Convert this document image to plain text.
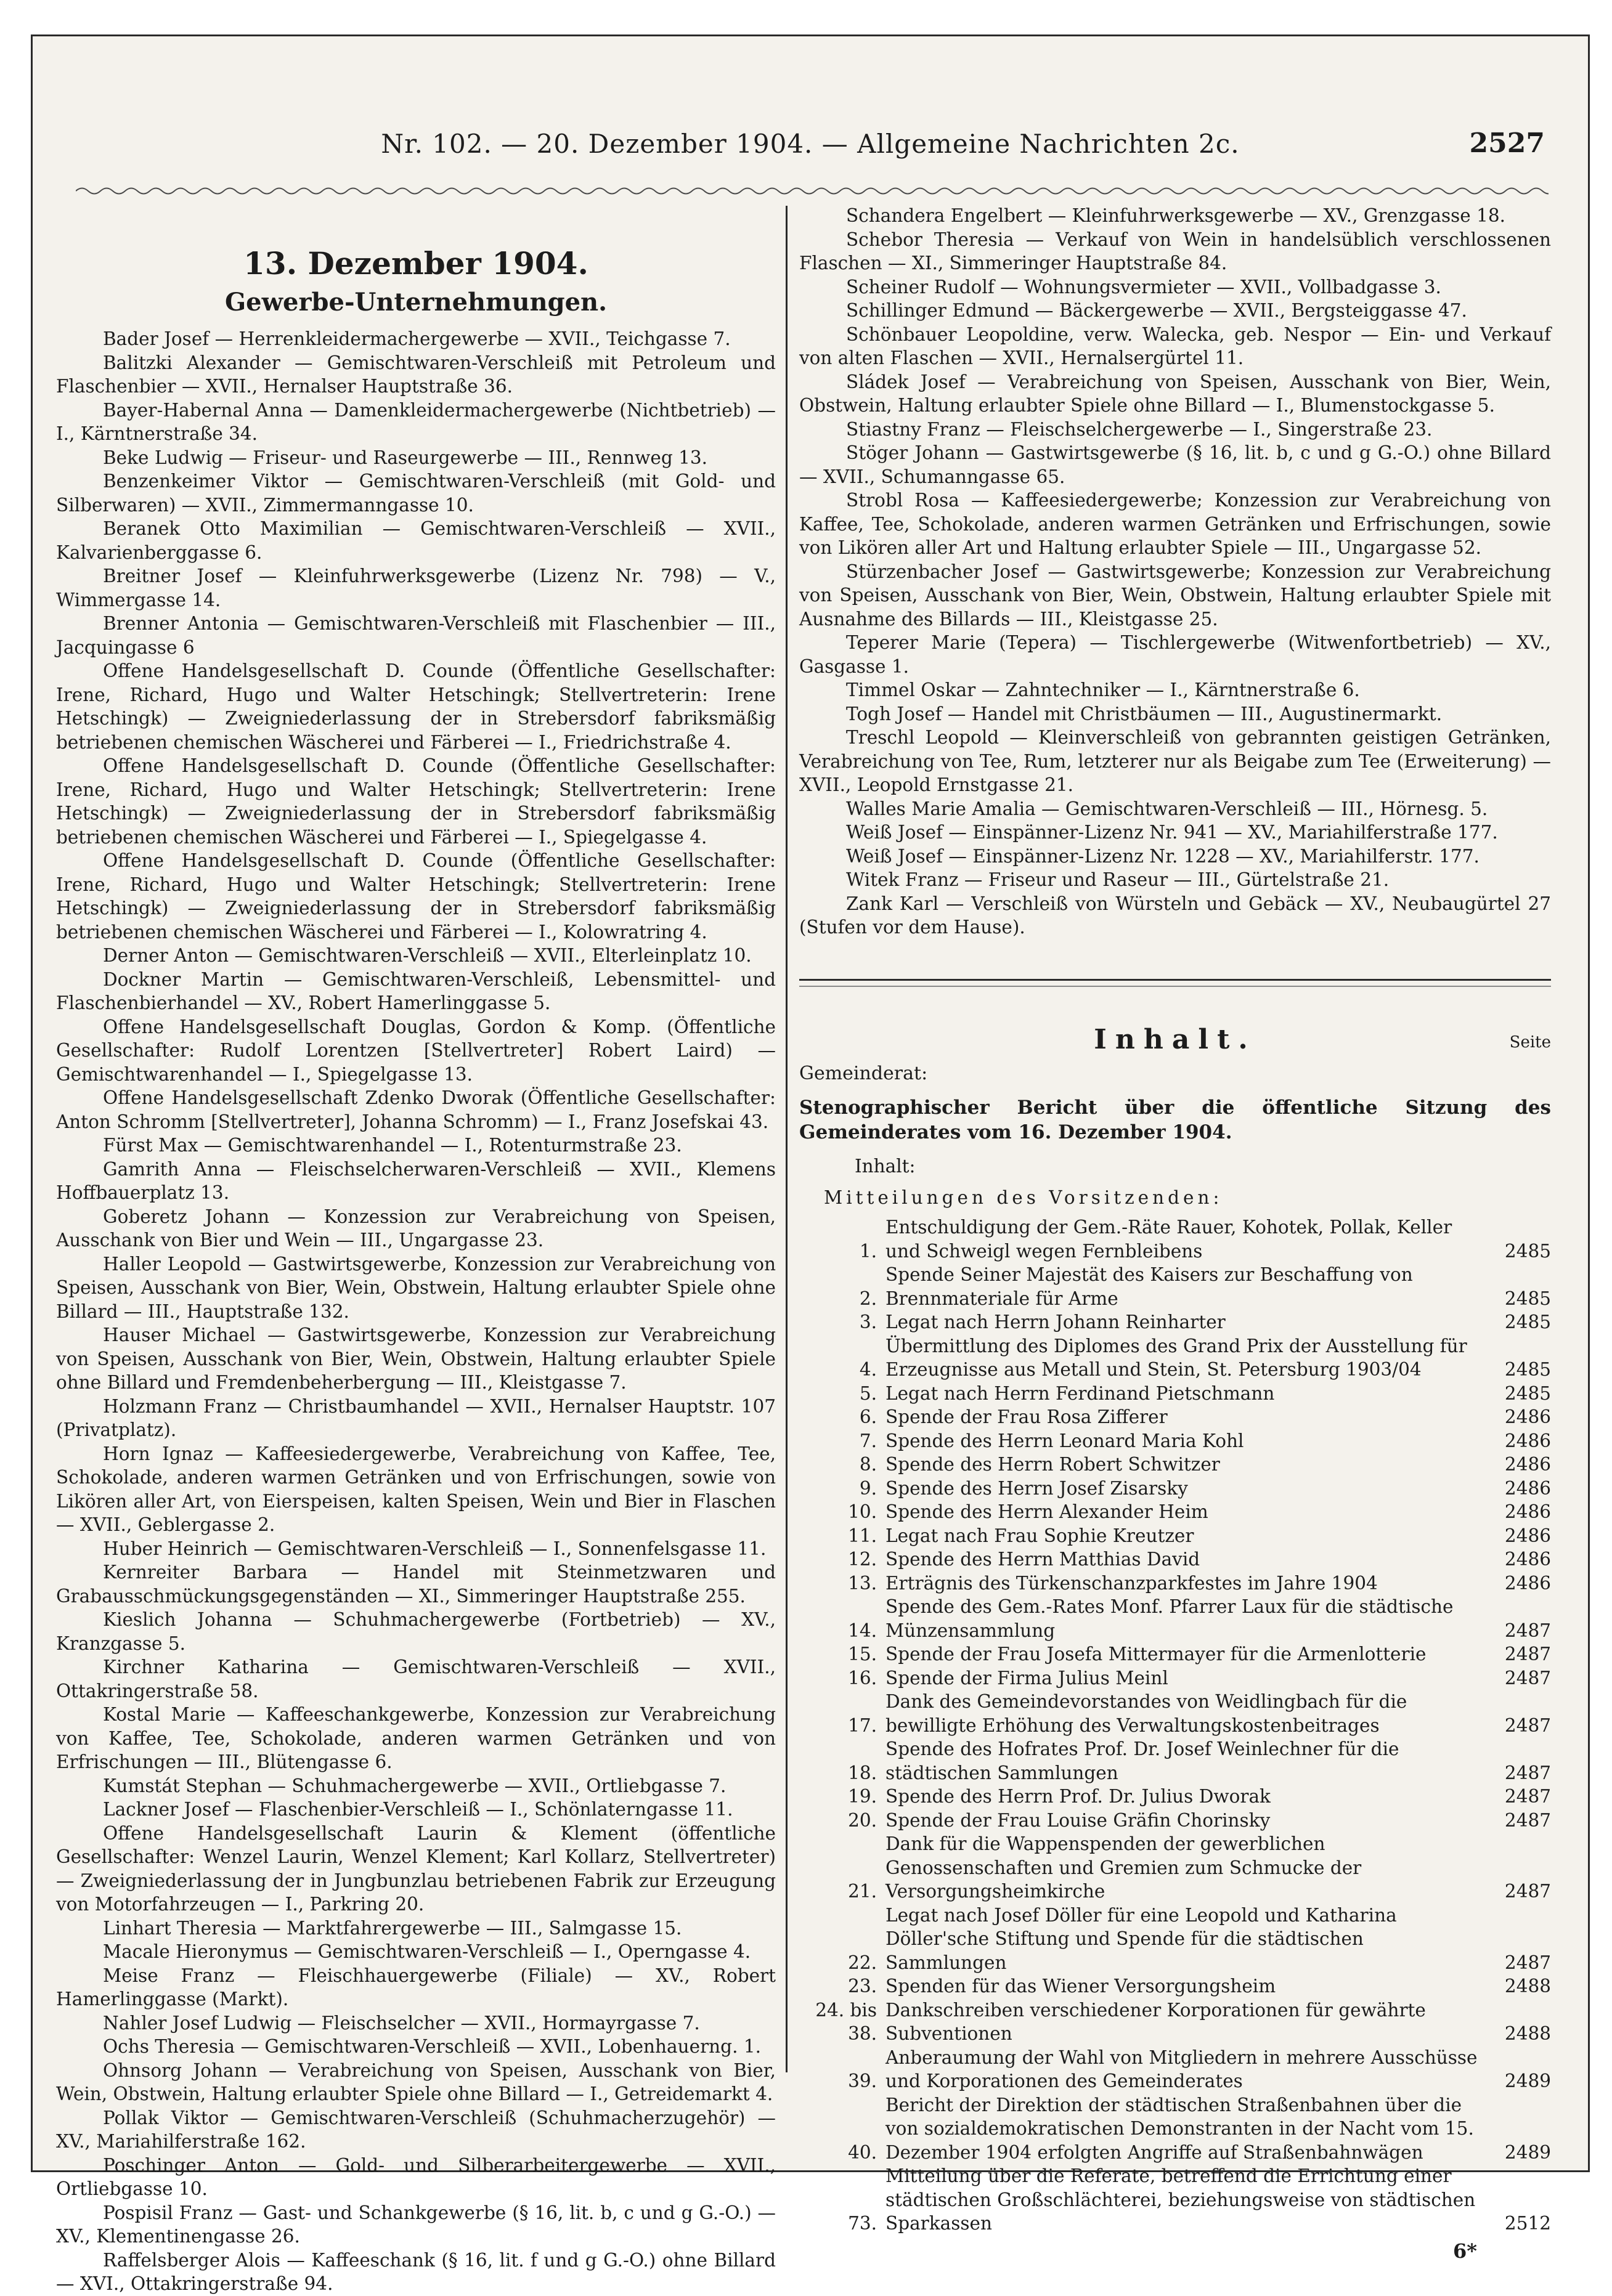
Nr. 102. — 20. Dezember 1904. — Allgemeine Nachrichten 2c.	2527
13. Dezember 1904.
Gewerbe-Unternehmungen.

Bader Josef — Herrenkleidermachergewerbe — XVII., Teichgasse 7.

Balitzki Alexander — Gemischtwaren-Verschleiß mit Petroleum und Flaschenbier — XVII., Hernalser Hauptstraße 36.

Bayer-Habernal Anna — Damenkleidermachergewerbe (Nichtbetrieb) — I., Kärntnerstraße 34.

Beke Ludwig — Friseur- und Raseurgewerbe — III., Rennweg 13.

Benzenkeimer Viktor — Gemischtwaren-Verschleiß (mit Gold- und Silberwaren) — XVII., Zimmermanngasse 10.

Beranek Otto Maximilian — Gemischtwaren-Verschleiß — XVII., Kalvarienberggasse 6.

Breitner Josef — Kleinfuhrwerksgewerbe (Lizenz Nr. 798) — V., Wimmergasse 14.

Brenner Antonia — Gemischtwaren-Verschleiß mit Flaschenbier — III., Jacquingasse 6

Offene Handelsgesellschaft D. Counde (Öffentliche Gesellschafter: Irene, Richard, Hugo und Walter Hetschingk; Stellvertreterin: Irene Hetschingk) — Zweigniederlassung der in Strebersdorf fabriksmäßig betriebenen chemischen Wäscherei und Färberei — I., Friedrichstraße 4.

Offene Handelsgesellschaft D. Counde (Öffentliche Gesellschafter: Irene, Richard, Hugo und Walter Hetschingk; Stellvertreterin: Irene Hetschingk) — Zweigniederlassung der in Strebersdorf fabriksmäßig betriebenen chemischen Wäscherei und Färberei — I., Spiegelgasse 4.

Offene Handelsgesellschaft D. Counde (Öffentliche Gesellschafter: Irene, Richard, Hugo und Walter Hetschingk; Stellvertreterin: Irene Hetschingk) — Zweigniederlassung der in Strebersdorf fabriksmäßig betriebenen chemischen Wäscherei und Färberei — I., Kolowratring 4.

Derner Anton — Gemischtwaren-Verschleiß — XVII., Elterleinplatz 10.

Dockner Martin — Gemischtwaren-Verschleiß, Lebensmittel- und Flaschenbierhandel — XV., Robert Hamerlinggasse 5.

Offene Handelsgesellschaft Douglas, Gordon & Komp. (Öffentliche Gesellschafter: Rudolf Lorentzen [Stellvertreter] Robert Laird) — Gemischtwarenhandel — I., Spiegelgasse 13.

Offene Handelsgesellschaft Zdenko Dworak (Öffentliche Gesellschafter: Anton Schromm [Stellvertreter], Johanna Schromm) — I., Franz Josefskai 43.

Fürst Max — Gemischtwarenhandel — I., Rotenturmstraße 23.

Gamrith Anna — Fleischselcherwaren-Verschleiß — XVII., Klemens Hoffbauerplatz 13.

Goberetz Johann — Konzession zur Verabreichung von Speisen, Ausschank von Bier und Wein — III., Ungargasse 23.

Haller Leopold — Gastwirtsgewerbe, Konzession zur Verabreichung von Speisen, Ausschank von Bier, Wein, Obstwein, Haltung erlaubter Spiele ohne Billard — III., Hauptstraße 132.

Hauser Michael — Gastwirtsgewerbe, Konzession zur Verabreichung von Speisen, Ausschank von Bier, Wein, Obstwein, Haltung erlaubter Spiele ohne Billard und Fremdenbeherbergung — III., Kleistgasse 7.

Holzmann Franz — Christbaumhandel — XVII., Hernalser Hauptstr. 107 (Privatplatz).

Horn Ignaz — Kaffeesiedergewerbe, Verabreichung von Kaffee, Tee, Schokolade, anderen warmen Getränken und von Erfrischungen, sowie von Likören aller Art, von Eierspeisen, kalten Speisen, Wein und Bier in Flaschen — XVII., Geblergasse 2.

Huber Heinrich — Gemischtwaren-Verschleiß — I., Sonnenfelsgasse 11.

Kernreiter Barbara — Handel mit Steinmetzwaren und Grabausschmückungsgegenständen — XI., Simmeringer Hauptstraße 255.

Kieslich Johanna — Schuhmachergewerbe (Fortbetrieb) — XV., Kranzgasse 5.

Kirchner Katharina — Gemischtwaren-Verschleiß — XVII., Ottakringerstraße 58.

Kostal Marie — Kaffeeschankgewerbe, Konzession zur Verabreichung von Kaffee, Tee, Schokolade, anderen warmen Getränken und von Erfrischungen — III., Blütengasse 6.

Kumstát Stephan — Schuhmachergewerbe — XVII., Ortliebgasse 7.

Lackner Josef — Flaschenbier-Verschleiß — I., Schönlaterngasse 11.

Offene Handelsgesellschaft Laurin & Klement (öffentliche Gesellschafter: Wenzel Laurin, Wenzel Klement; Karl Kollarz, Stellvertreter) — Zweigniederlassung der in Jungbunzlau betriebenen Fabrik zur Erzeugung von Motorfahrzeugen — I., Parkring 20.

Linhart Theresia — Marktfahrergewerbe — III., Salmgasse 15.

Macale Hieronymus — Gemischtwaren-Verschleiß — I., Operngasse 4.

Meise Franz — Fleischhauergewerbe (Filiale) — XV., Robert Hamerlinggasse (Markt).

Nahler Josef Ludwig — Fleischselcher — XVII., Hormayrgasse 7.

Ochs Theresia — Gemischtwaren-Verschleiß — XVII., Lobenhauerng. 1.

Ohnsorg Johann — Verabreichung von Speisen, Ausschank von Bier, Wein, Obstwein, Haltung erlaubter Spiele ohne Billard — I., Getreidemarkt 4.

Pollak Viktor — Gemischtwaren-Verschleiß (Schuhmacherzugehör) — XV., Mariahilferstraße 162.

Poschinger Anton — Gold- und Silberarbeitergewerbe — XVII., Ortliebgasse 10.

Pospisil Franz — Gast- und Schankgewerbe (§ 16, lit. b, c und g G.-O.) — XV., Klementinengasse 26.

Raffelsberger Alois — Kaffeeschank (§ 16, lit. f und g G.-O.) ohne Billard — XVI., Ottakringerstraße 94.

Schandera Engelbert — Kleinfuhrwerksgewerbe — XV., Grenzgasse 18.

Schebor Theresia — Verkauf von Wein in handelsüblich verschlossenen Flaschen — XI., Simmeringer Hauptstraße 84.

Scheiner Rudolf — Wohnungsvermieter — XVII., Vollbadgasse 3.

Schillinger Edmund — Bäckergewerbe — XVII., Bergsteiggasse 47.

Schönbauer Leopoldine, verw. Walecka, geb. Nespor — Ein- und Verkauf von alten Flaschen — XVII., Hernalsergürtel 11.

Sládek Josef — Verabreichung von Speisen, Ausschank von Bier, Wein, Obstwein, Haltung erlaubter Spiele ohne Billard — I., Blumenstockgasse 5.

Stiastny Franz — Fleischselchergewerbe — I., Singerstraße 23.

Stöger Johann — Gastwirtsgewerbe (§ 16, lit. b, c und g G.-O.) ohne Billard — XVII., Schumanngasse 65.

Strobl Rosa — Kaffeesiedergewerbe; Konzession zur Verabreichung von Kaffee, Tee, Schokolade, anderen warmen Getränken und Erfrischungen, sowie von Likören aller Art und Haltung erlaubter Spiele — III., Ungargasse 52.

Stürzenbacher Josef — Gastwirtsgewerbe; Konzession zur Verabreichung von Speisen, Ausschank von Bier, Wein, Obstwein, Haltung erlaubter Spiele mit Ausnahme des Billards — III., Kleistgasse 25.

Teperer Marie (Tepera) — Tischlergewerbe (Witwenfortbetrieb) — XV., Gasgasse 1.

Timmel Oskar — Zahntechniker — I., Kärntnerstraße 6.

Togh Josef — Handel mit Christbäumen — III., Augustinermarkt.

Treschl Leopold — Kleinverschleiß von gebrannten geistigen Getränken, Verabreichung von Tee, Rum, letzterer nur als Beigabe zum Tee (Erweiterung) — XVII., Leopold Ernstgasse 21.

Walles Marie Amalia — Gemischtwaren-Verschleiß — III., Hörnesg. 5.

Weiß Josef — Einspänner-Lizenz Nr. 941 — XV., Mariahilferstraße 177.

Weiß Josef — Einspänner-Lizenz Nr. 1228 — XV., Mariahilferstr. 177.

Witek Franz — Friseur und Raseur — III., Gürtelstraße 21.

Zank Karl — Verschleiß von Würsteln und Gebäck — XV., Neubaugürtel 27 (Stufen vor dem Hause).

Inhalt.	Seite
Gemeinderat:
Stenographischer Bericht über die öffentliche Sitzung des Gemeinderates vom 16. Dezember 1904.
Inhalt:
Mitteilungen des Vorsitzenden:
1.
Entschuldigung der Gem.-Räte Rauer, Kohotek, Pollak, Keller und Schweigl wegen Fernbleibens	2485
2.
Spende Seiner Majestät des Kaisers zur Beschaffung von Brennmateriale für Arme	2485
3. Legat nach Herrn Johann Reinharter	2485
4.
Übermittlung des Diplomes des Grand Prix der Ausstellung für Erzeugnisse aus Metall und Stein, St. Petersburg 1903/04	2485
5. Legat nach Herrn Ferdinand Pietschmann	2485
6. Spende der Frau Rosa Zifferer	2486
7. Spende des Herrn Leonard Maria Kohl	2486
8. Spende des Herrn Robert Schwitzer	2486
9. Spende des Herrn Josef Zisarsky	2486
10. Spende des Herrn Alexander Heim	2486
11. Legat nach Frau Sophie Kreutzer	2486
12. Spende des Herrn Matthias David	2486
13. Erträgnis des Türkenschanzparkfestes im Jahre 1904	2486
14.
Spende des Gem.-Rates Monf. Pfarrer Laux für die städtische Münzensammlung	2487
15. Spende der Frau Josefa Mittermayer für die Armenlotterie	2487
16. Spende der Firma Julius Meinl	2487
17.
Dank des Gemeindevorstandes von Weidlingbach für die bewilligte Erhöhung des Verwaltungskostenbeitrages	2487
18.
Spende des Hofrates Prof. Dr. Josef Weinlechner für die städtischen Sammlungen	2487
19. Spende des Herrn Prof. Dr. Julius Dworak	2487
20. Spende der Frau Louise Gräfin Chorinsky	2487
21.
Dank für die Wappenspenden der gewerblichen Genossenschaften und Gremien zum Schmucke der Versorgungsheimkirche	2487
22.
Legat nach Josef Döller für eine Leopold und Katharina Döller'sche Stiftung und Spende für die städtischen Sammlungen	2487
23. Spenden für das Wiener Versorgungsheim	2488
24. bis 38.
Dankschreiben verschiedener Korporationen für gewährte Subventionen	2488
39.
Anberaumung der Wahl von Mitgliedern in mehrere Ausschüsse und Korporationen des Gemeinderates	2489
40.
Bericht der Direktion der städtischen Straßenbahnen über die von sozialdemokratischen Demonstranten in der Nacht vom 15. Dezember 1904 erfolgten Angriffe auf Straßenbahnwägen	2489
73.
Mitteilung über die Referate, betreffend die Errichtung einer städtischen Großschlächterei, beziehungsweise von städtischen Sparkassen	2512
6*
